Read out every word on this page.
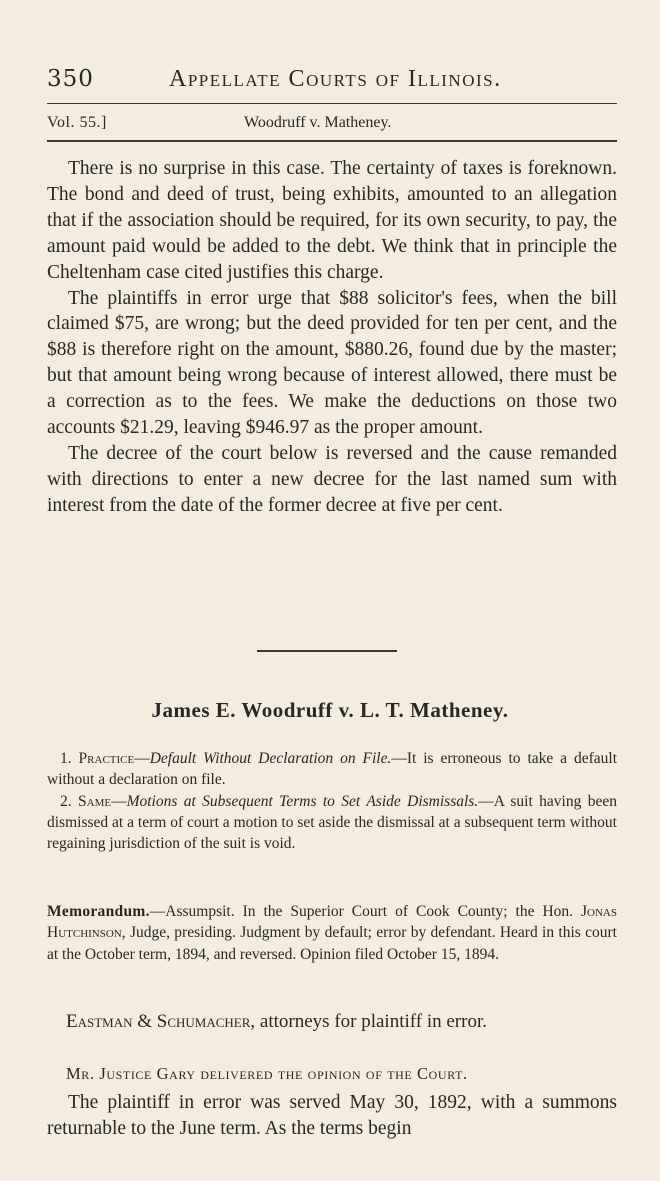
350	Appellate Courts of Illinois.
Vol. 55.]	Woodruff v. Matheney.

There is no surprise in this case. The certainty of taxes is foreknown. The bond and deed of trust, being exhibits, amounted to an allegation that if the association should be required, for its own security, to pay, the amount paid would be added to the debt. We think that in principle the Cheltenham case cited justifies this charge.

The plaintiffs in error urge that $88 solicitor's fees, when the bill claimed $75, are wrong; but the deed provided for ten per cent, and the $88 is therefore right on the amount, $880.26, found due by the master; but that amount being wrong because of interest allowed, there must be a correction as to the fees. We make the deductions on those two accounts $21.29, leaving $946.97 as the proper amount.

The decree of the court below is reversed and the cause remanded with directions to enter a new decree for the last named sum with interest from the date of the former decree at five per cent.

James E. Woodruff v. L. T. Matheney.

1. Practice—Default Without Declaration on File.—It is erroneous to take a default without a declaration on file.

2. Same—Motions at Subsequent Terms to Set Aside Dismissals.—A suit having been dismissed at a term of court a motion to set aside the dismissal at a subsequent term without regaining jurisdiction of the suit is void.

Memorandum.—Assumpsit. In the Superior Court of Cook County; the Hon. Jonas Hutchinson, Judge, presiding. Judgment by default; error by defendant. Heard in this court at the October term, 1894, and reversed. Opinion filed October 15, 1894.

Eastman & Schumacher, attorneys for plaintiff in error.
Mr. Justice Gary delivered the opinion of the Court.

The plaintiff in error was served May 30, 1892, with a summons returnable to the June term. As the terms begin
